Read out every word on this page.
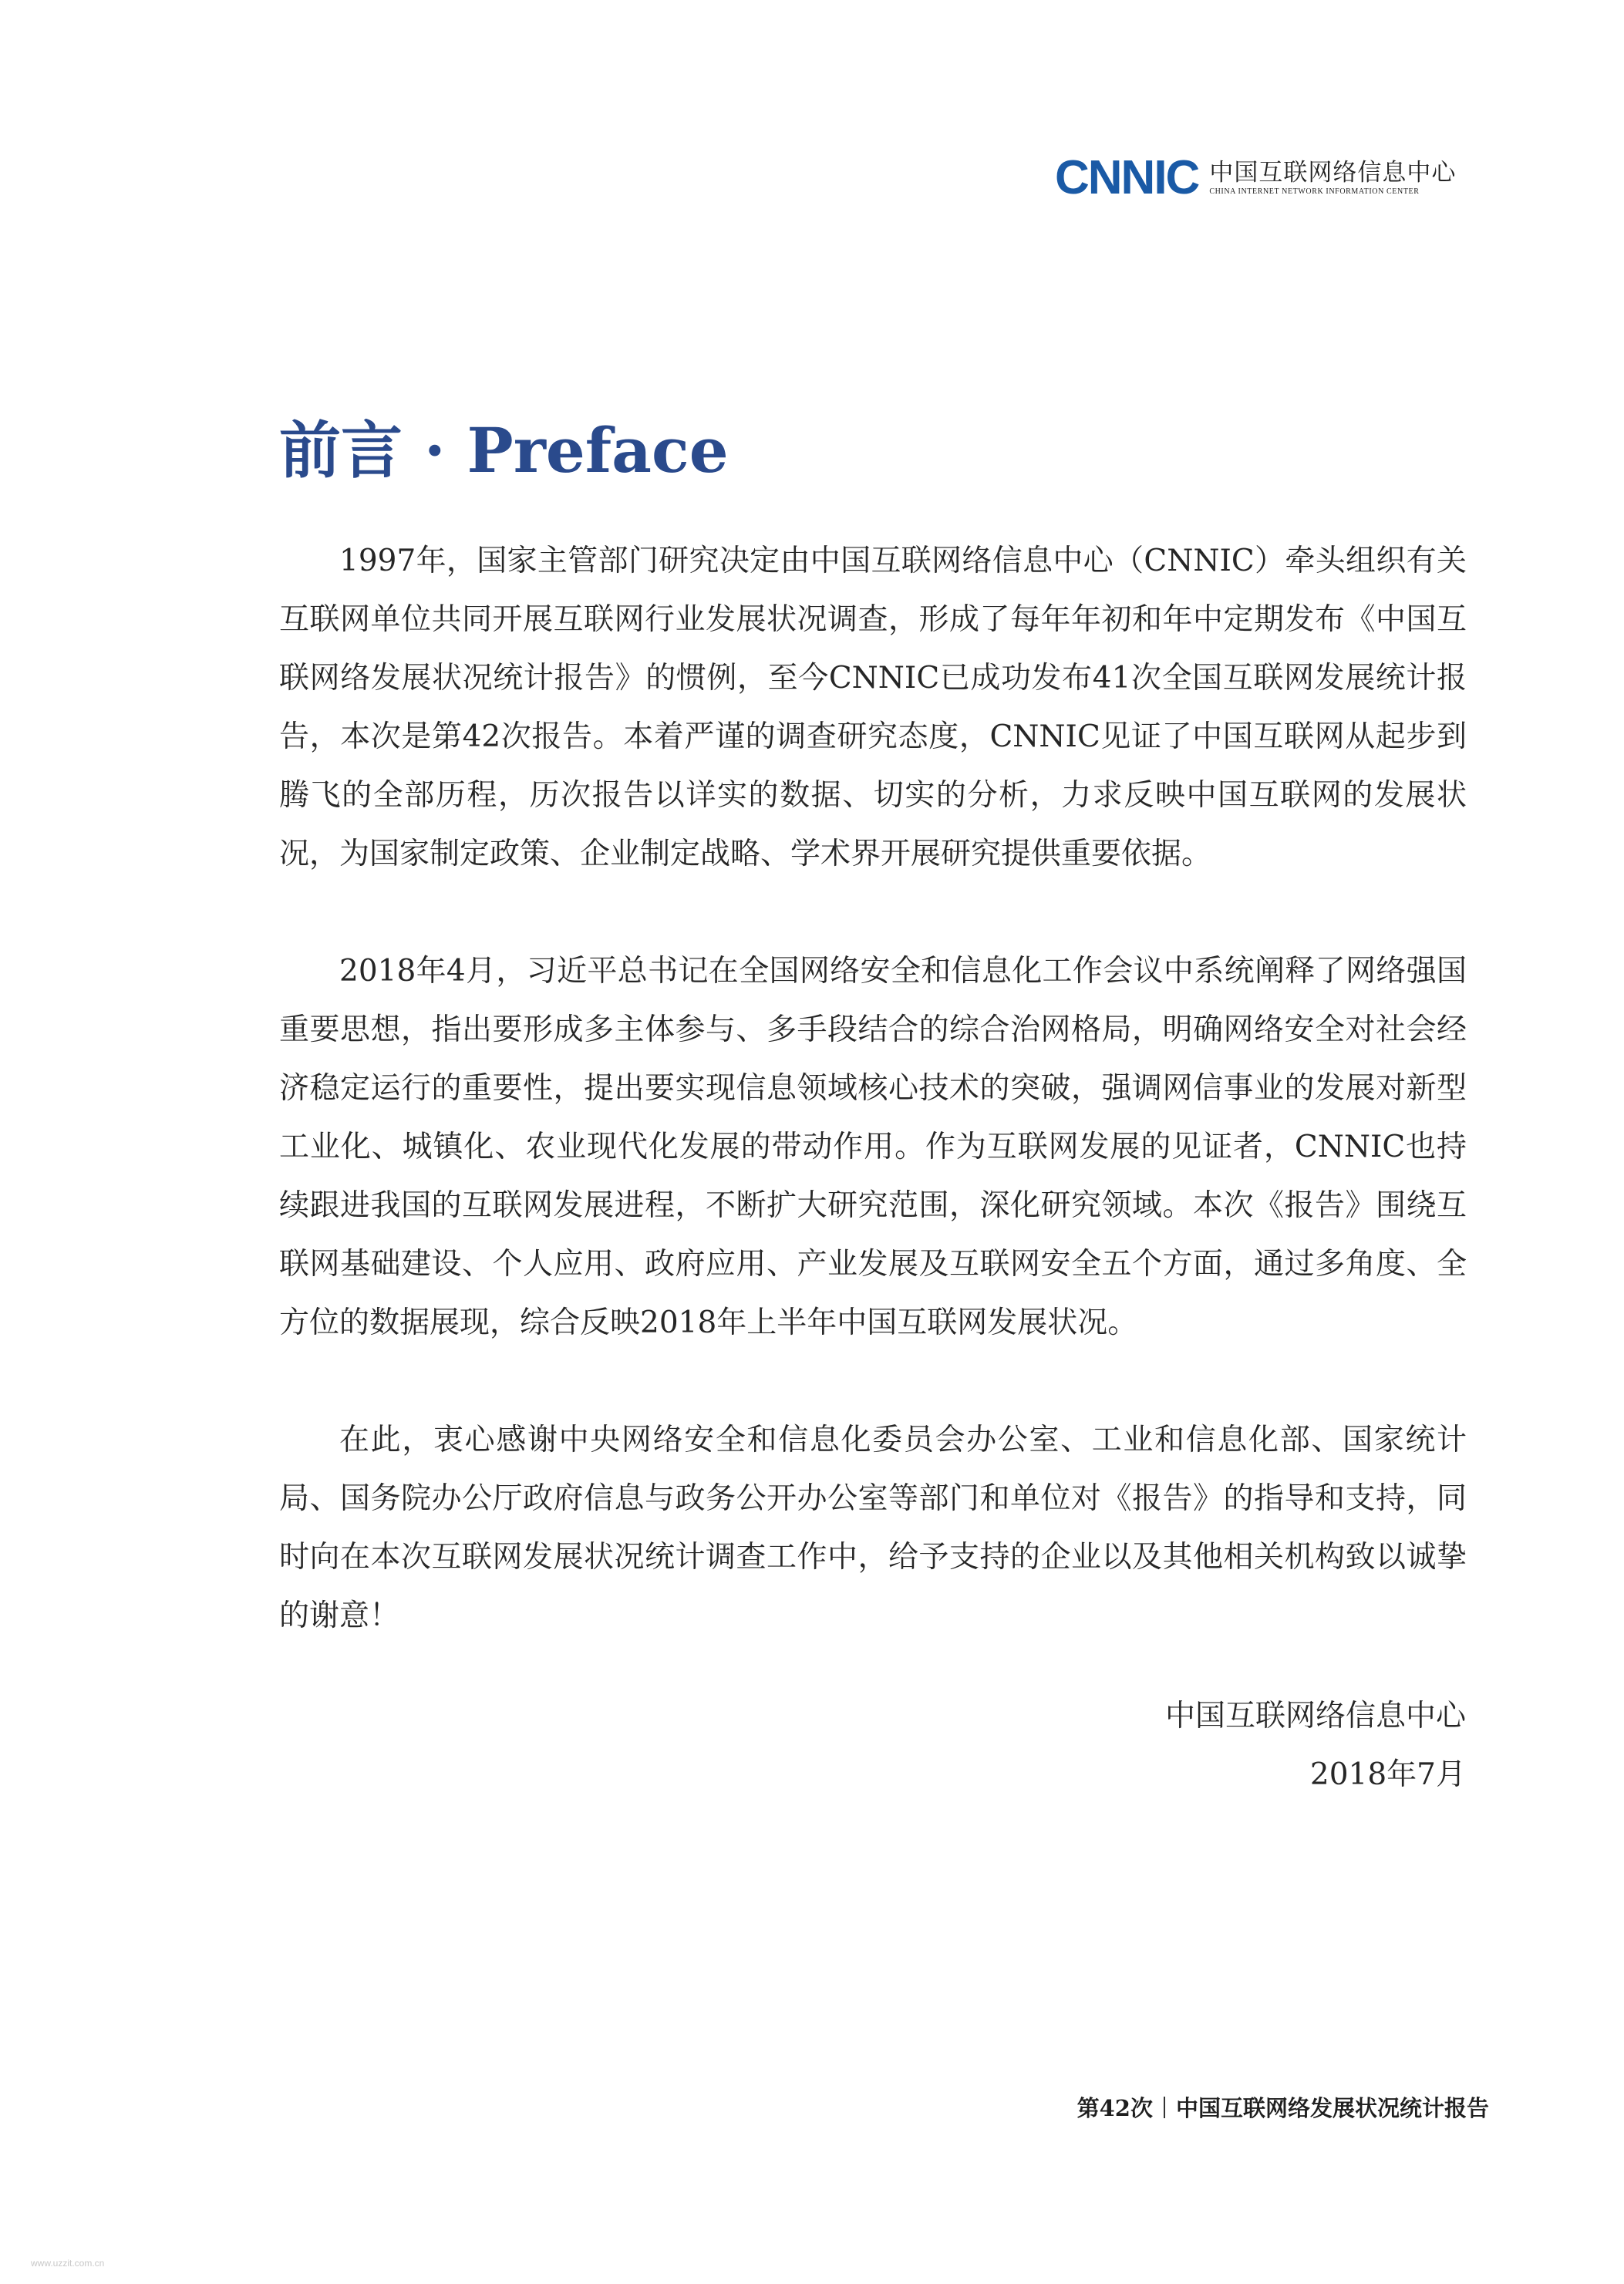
CNNIC 中国互联网络信息中心
CHINA INTERNET NETWORK INFORMATION CENTER
前言 · Preface

1997年，国家主管部门研究决定由中国互联网络信息中心（CNNIC）牵头组织有关互联网单位共同开展互联网行业发展状况调查，形成了每年年初和年中定期发布《中国互联网络发展状况统计报告》的惯例，至今CNNIC已成功发布41次全国互联网发展统计报告，本次是第42次报告。本着严谨的调查研究态度，CNNIC见证了中国互联网从起步到腾飞的全部历程，历次报告以详实的数据、切实的分析，力求反映中国互联网的发展状况，为国家制定政策、企业制定战略、学术界开展研究提供重要依据。

2018年4月，习近平总书记在全国网络安全和信息化工作会议中系统阐释了网络强国重要思想，指出要形成多主体参与、多手段结合的综合治网格局，明确网络安全对社会经济稳定运行的重要性，提出要实现信息领域核心技术的突破，强调网信事业的发展对新型工业化、城镇化、农业现代化发展的带动作用。作为互联网发展的见证者，CNNIC也持续跟进我国的互联网发展进程，不断扩大研究范围，深化研究领域。本次《报告》围绕互联网基础建设、个人应用、政府应用、产业发展及互联网安全五个方面，通过多角度、全方位的数据展现，综合反映2018年上半年中国互联网发展状况。

在此，衷心感谢中央网络安全和信息化委员会办公室、工业和信息化部、国家统计局、国务院办公厅政府信息与政务公开办公室等部门和单位对《报告》的指导和支持，同时向在本次互联网发展状况统计调查工作中，给予支持的企业以及其他相关机构致以诚挚的谢意！

中国互联网络信息中心
2018年7月
第42次 中国互联网络发展状况统计报告
www.uzzit.com.cn
